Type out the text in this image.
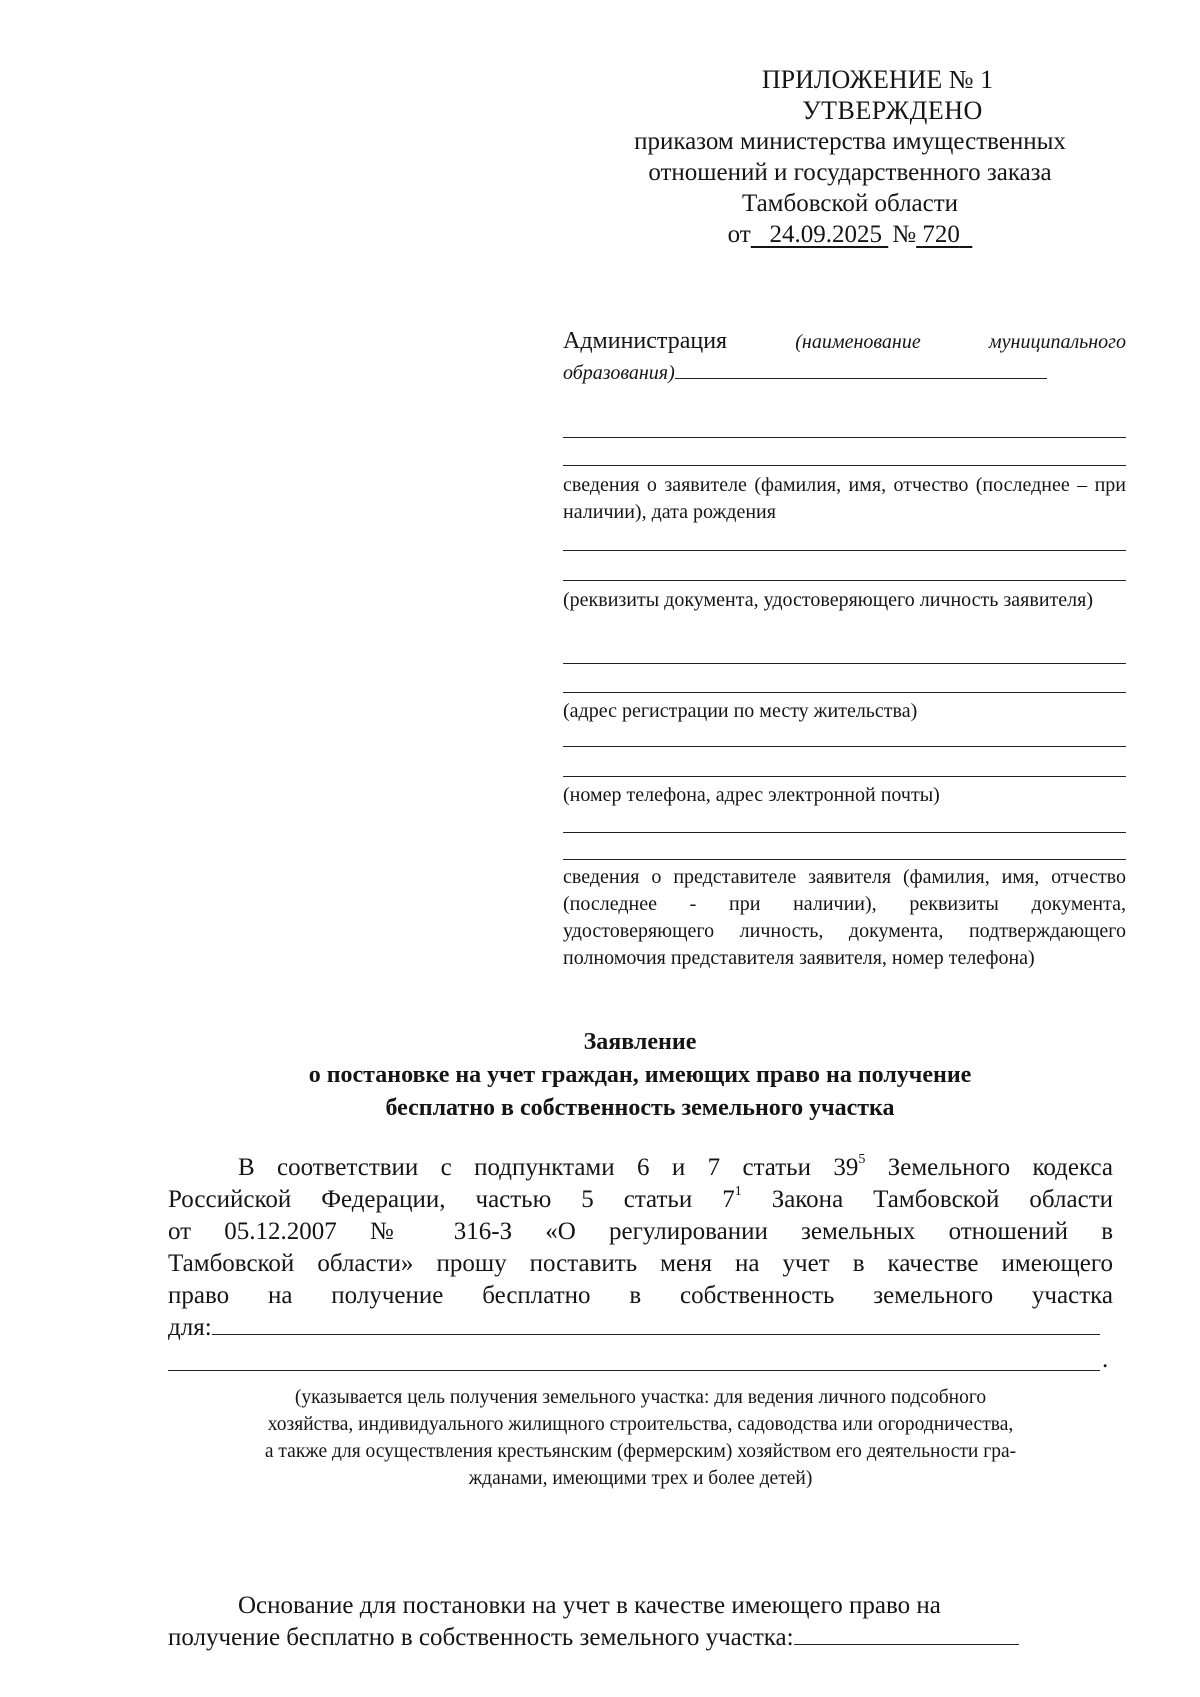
ПРИЛОЖЕНИЕ № 1
УТВЕРЖДЕНО
приказом министерства имущественных
отношений и государственного заказа
Тамбовской области
от 24.09.2025 № 720
Администрация	(наименование муниципального
образования)
сведения о заявителе (фамилия, имя, отчество (последнее – при наличии), дата рождения
(реквизиты документа, удостоверяющего личность заявителя)
(адрес регистрации по месту жительства)
(номер телефона, адрес электронной почты)
сведения о представителе заявителя (фамилия, имя, отчество (последнее - при наличии), реквизиты документа, удостоверяющего личность, документа, подтверждающего полномочия представителя заявителя, номер телефона)
Заявление
о постановке на учет граждан, имеющих право на получение
бесплатно в собственность земельного участка
В соответствии с подпунктами 6 и 7 статьи $39^5$ Земельного кодекса
Российской Федерации, частью 5 статьи $7^1$ Закона Тамбовской области
от 05.12.2007 № 316-З «О регулировании земельных отношений в
Тамбовской области» прошу поставить меня на учет в качестве имеющего
право на получение бесплатно в собственность земельного участка
для:
.
(указывается цель получения земельного участка: для ведения личного подсобного
хозяйства, индивидуального жилищного строительства, садоводства или огородничества,
а также для осуществления крестьянским (фермерским) хозяйством его деятельности гра-
жданами, имеющими трех и более детей)
Основание для постановки на учет в качестве имеющего право на
получение бесплатно в собственность земельного участка:
